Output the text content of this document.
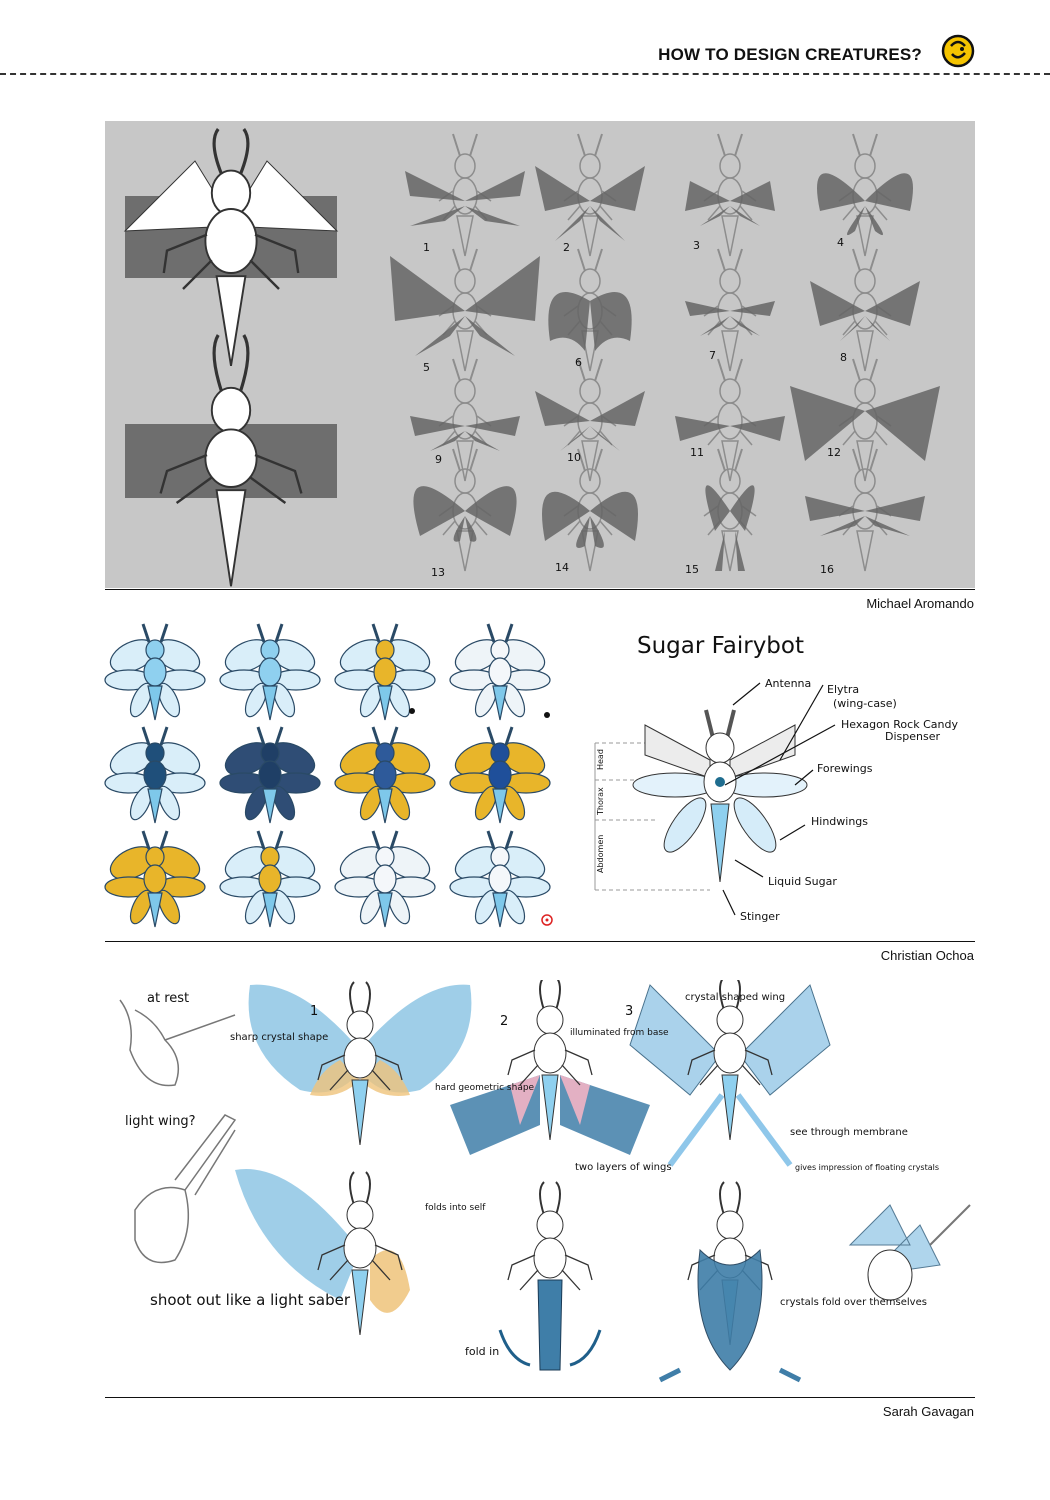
HOW TO DESIGN CREATURES?
1	2	3	4
5	6
7	8
9	10	11	12
13	14	15	16
Michael Aromando
Sugar Fairybot
Head
Thorax
Abdomen
Antenna Elytra
(wing-case)
Hexagon Rock Candy
Dispenser
Forewings
Hindwings
Liquid Sugar
Stinger
Christian Ochoa
at rest
light wing?
shoot out like a light saber
sharp crystal shape
hard geometric shape
illuminated from base
two layers of wings
crystal shaped wing
see through membrane
gives impression of floating crystals
folds into self
fold in
crystals fold over themselves
1
2
3
Sarah Gavagan
